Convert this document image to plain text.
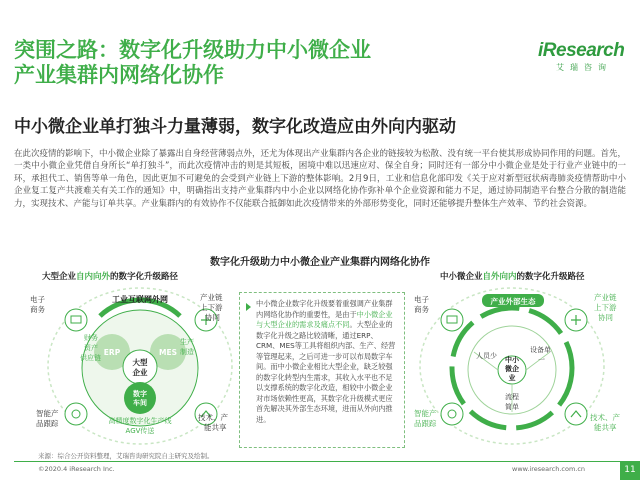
突围之路：数字化升级助力中小微企业
产业集群内网络化协作
iResearch
艾瑞咨询
中小微企业单打独斗力量薄弱，数字化改造应由外向内驱动
在此次疫情的影响下，中小微企业除了暴露出自身经营薄弱点外，还尤为体现出产业集群内各企业的链接较为松散、没有统一平台使其形成协同作用的问题。首先，一类中小微企业凭借自身所长“单打独斗”，而此次疫情冲击的则是其短板，困境中难以迅速应对、保全自身；同时还有一部分中小微企业是处于行业产业链中的一环，承担代工、销售等单一角色，因此更加不可避免的会受到产业链上下游的整体影响。2月9日，工业和信息化部印发《关于应对新型冠状病毒肺炎疫情帮助中小企业复工复产共渡难关有关工作的通知》中，明确指出支持产业集群内中小企业以网络化协作弥补单个企业资源和能力不足，通过协同制造平台整合分散的制造能力，实现技术、产能与订单共享。产业集群内的有效协作不仅能联合抵御如此次疫情带来的外部形势变化，同时还能够提升整体生产效率、节约社会资源。
数字化升级助力中小微企业产业集群内网络化协作
大型企业自内向外的数字化升级路径	中小微企业自外向内的数字化升级路径
工业互联网外网
ERP	MES
大型
企业
数字
车间
财务
资产
供应链
生产
制造
高精度数字化生产线
AGV传送
电子
商务
产业链
上下游
协同
智能产
品跟踪
技术、产
能共享
产业外部生态
中小
微企
业
人员少
设备单
一
流程
简单
电子
商务
产业链
上下游
协同
智能产
品跟踪
技术、产
能共享
中小微企业数字化升级要着重强调产业集群内网络化协作的重要性，是由于中小微企业与大型企业的需求及痛点不同。大型企业的数字化升级之路比较清晰，通过ERP、CRM、MES等工具将组织内部、生产、经营等管理起来，之后可进一步可以布局数字车间。而中小微企业相比大型企业，缺乏较强的数字化转型内生需求，其收入水平也不足以支撑系统的数字化改造，相较中小微企业对市场依赖性更高，其数字化升级模式更应首先解决其外部生态环境，进而从外向内推进。
来源：综合公开资料整理，艾瑞咨询研究院自主研究及绘制。
©2020.4 iResearch Inc.	www.iresearch.com.cn	11
